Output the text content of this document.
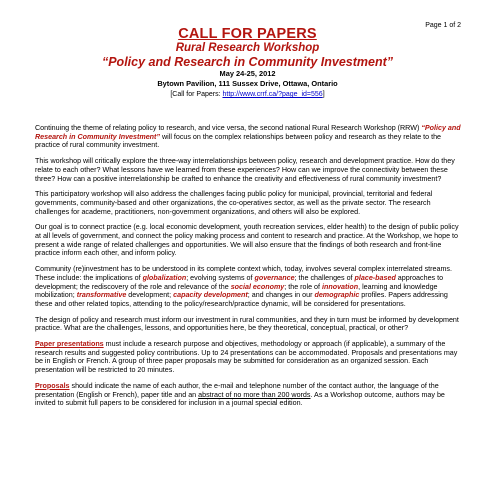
Page 1 of 2
CALL FOR PAPERS
Rural Research Workshop
“Policy and Research in Community Investment”
May 24-25, 2012
Bytown Pavilion, 111 Sussex Drive, Ottawa, Ontario
[Call for Papers: http://www.crrf.ca/?page_id=556]

Continuing the theme of relating policy to research, and vice versa, the second national Rural Research Workshop (RRW) “Policy and Research in Community Investment” will focus on the complex relationships between policy and research as they relate to the practice of rural community investment.

This workshop will critically explore the three-way interrelationships between policy, research and development practice. How do they relate to each other? What lessons have we learned from these experiences? How can we improve the connectivity between these three? How can a positive interrelationship be crafted to enhance the creativity and effectiveness of rural community investment?

This participatory workshop will also address the challenges facing public policy for municipal, provincial, territorial and federal governments, community-based and other organizations, the co-operatives sector, as well as the private sector. The research challenges for academe, practitioners, non-government organizations, and others will also be explored.

Our goal is to connect practice (e.g. local economic development, youth recreation services, elder health) to the design of public policy at all levels of government, and connect the policy making process and content to research and practice. At the Workshop, we hope to present a wide range of related challenges and opportunities. We will also ensure that the findings of both research and front-line practice inform each other, and inform policy.

Community (re)investment has to be understood in its complete context which, today, involves several complex interrelated streams. These include: the implications of globalization; evolving systems of governance; the challenges of place-based approaches to development; the rediscovery of the role and relevance of the social economy; the role of innovation, learning and knowledge mobilization; transformative development; capacity development; and changes in our demographic profiles. Papers addressing these and other related topics, attending to the policy/research/practice dynamic, will be considered for presentations.

The design of policy and research must inform our investment in rural communities, and they in turn must be informed by development practice. What are the challenges, lessons, and opportunities here, be they theoretical, conceptual, practical, or other?

Paper presentations must include a research purpose and objectives, methodology or approach (if applicable), a summary of the research results and suggested policy contributions. Up to 24 presentations can be accommodated. Proposals and presentations may be in English or French. A group of three paper proposals may be submitted for consideration as an organized session. Each presentation will be restricted to 20 minutes.

Proposals should indicate the name of each author, the e-mail and telephone number of the contact author, the language of the presentation (English or French), paper title and an abstract of no more than 200 words. As a Workshop outcome, authors may be invited to submit full papers to be considered for inclusion in a journal special edition.
